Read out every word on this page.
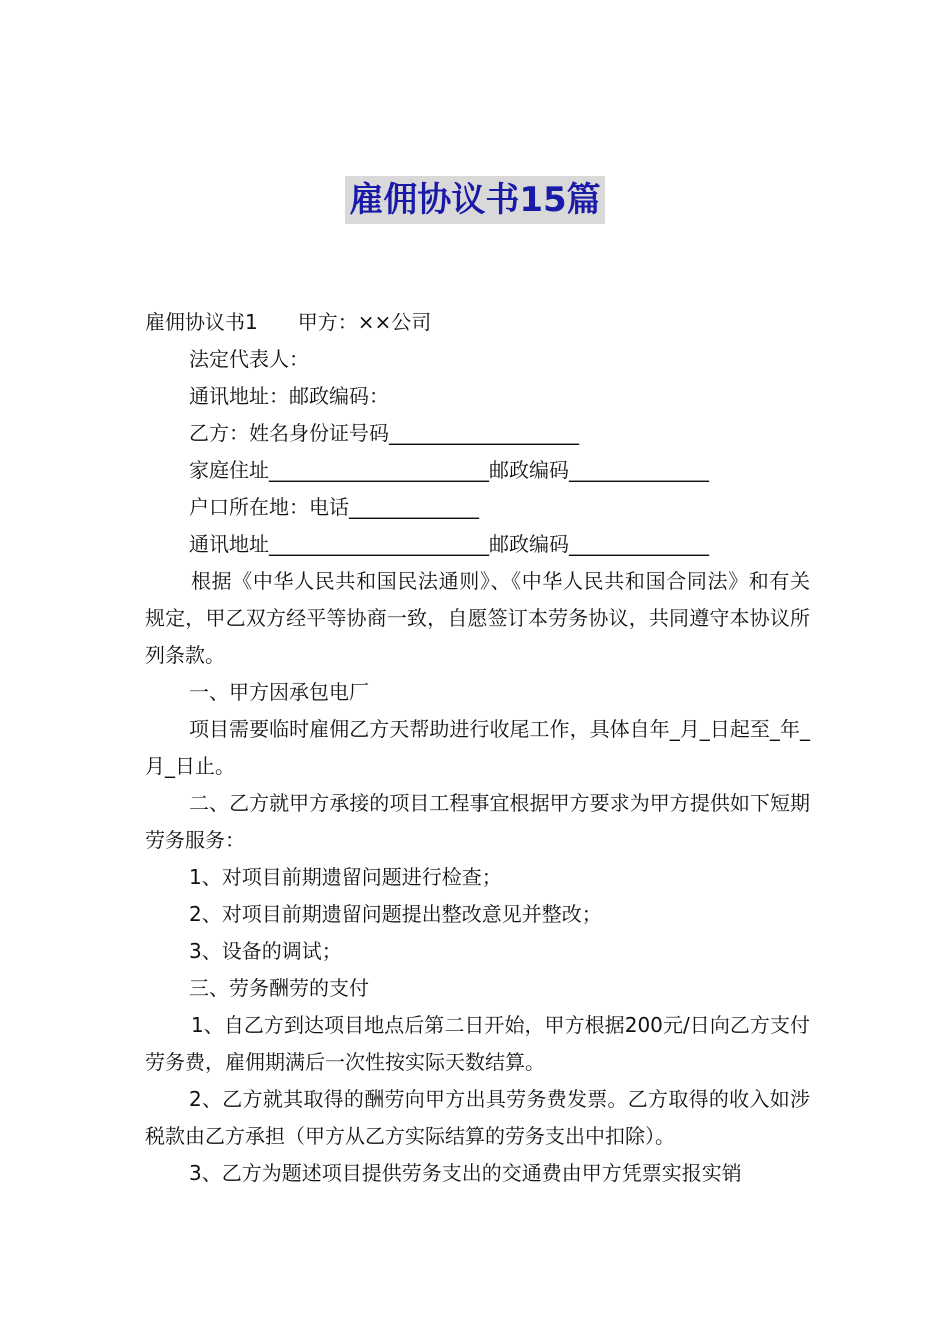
雇佣协议书15篇

雇佣协议书1　　甲方：××公司

法定代表人：

通讯地址：邮政编码：

乙方：姓名身份证号码___________________

家庭住址______________________邮政编码______________

户口所在地：电话_____________

通讯地址______________________邮政编码______________

根据《中华人民共和国民法通则》、《中华人民共和国合同法》和有关规定，甲乙双方经平等协商一致，自愿签订本劳务协议，共同遵守本协议所列条款。

一、甲方因承包电厂

项目需要临时雇佣乙方天帮助进行收尾工作，具体自年_月_日起至_年_月_日止。

二、乙方就甲方承接的项目工程事宜根据甲方要求为甲方提供如下短期劳务服务：

1、对项目前期遗留问题进行检查；

2、对项目前期遗留问题提出整改意见并整改；

3、设备的调试；

三、劳务酬劳的支付

1、自乙方到达项目地点后第二日开始，甲方根据200元/日向乙方支付劳务费，雇佣期满后一次性按实际天数结算。

2、乙方就其取得的酬劳向甲方出具劳务费发票。乙方取得的收入如涉税款由乙方承担（甲方从乙方实际结算的劳务支出中扣除）。

3、乙方为题述项目提供劳务支出的交通费由甲方凭票实报实销
